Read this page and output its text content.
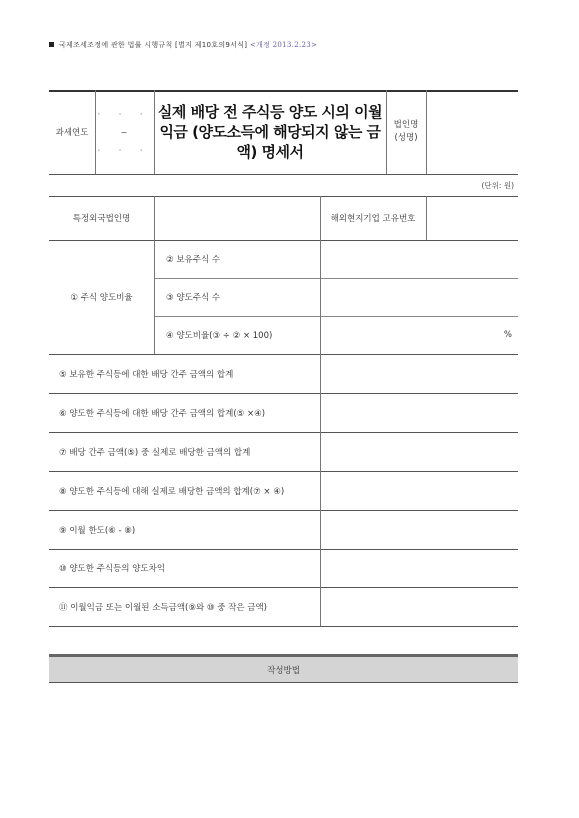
국제조세조정에 관한 법률 시행규칙 [별지 제10호의9서식] <개정 2013.2.23>
과세연도
· · ·
~
· · ·
실제 배당 전 주식등 양도 시의 이월익금 (양도소득에 해당되지 않는 금액) 명세서
법인명
(성명)
(단위: 원)
특정외국법인명	해외현지기업 고유번호
① 주식 양도비율
② 보유주식 수
③ 양도주식 수
④ 양도비율(③ ÷ ② × 100)	%
⑤ 보유한 주식등에 대한 배당 간주 금액의 합계
⑥ 양도한 주식등에 대한 배당 간주 금액의 합계(⑤ ×④)
⑦ 배당 간주 금액(⑤) 중 실제로 배당한 금액의 합계
⑧ 양도한 주식등에 대해 실제로 배당한 금액의 합계(⑦ × ④)
⑨ 이월 한도(⑥ - ⑧)
⑩ 양도한 주식등의 양도차익
⑪ 이월익금 또는 이월된 소득금액(⑨와 ⑩ 중 작은 금액)
작성방법
